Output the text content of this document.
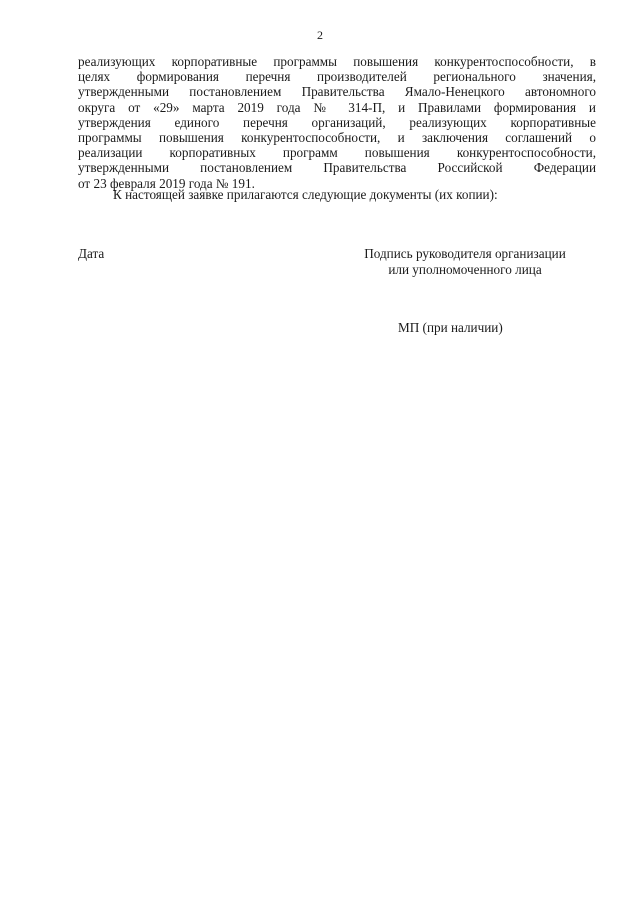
2
реализующих корпоративные программы повышения конкурентоспособности, в
целях формирования перечня производителей регионального значения,
утвержденными постановлением Правительства Ямало-Ненецкого автономного
округа от «29» марта 2019 года № 314-П, и Правилами формирования и
утверждения единого перечня организаций, реализующих корпоративные
программы повышения конкурентоспособности, и заключения соглашений о
реализации корпоративных программ повышения конкурентоспособности,
утвержденными постановлением Правительства Российской Федерации
от 23 февраля 2019 года № 191.
К настоящей заявке прилагаются следующие документы (их копии):
Дата	Подпись руководителя организации
или уполномоченного лица
МП (при наличии)
